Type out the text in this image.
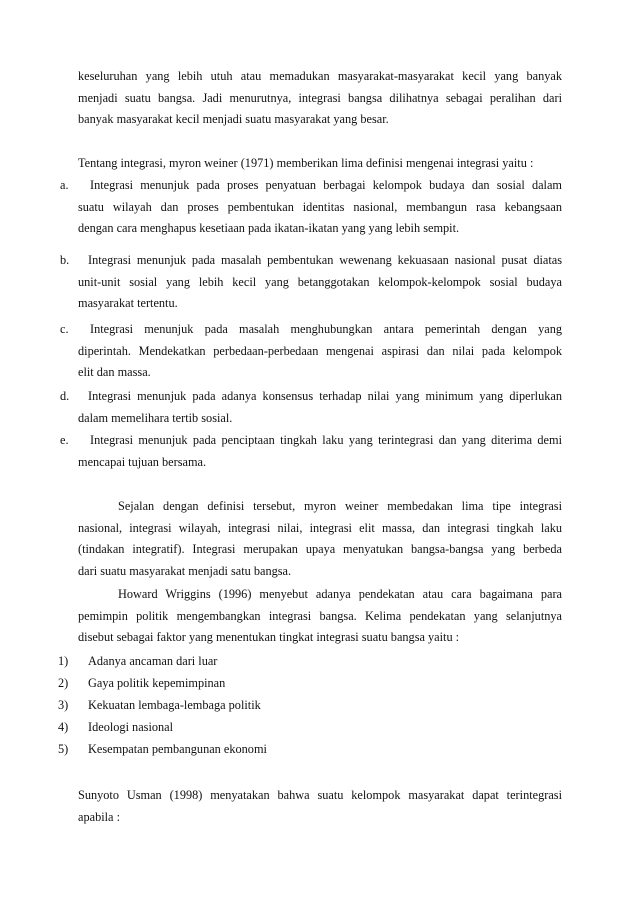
keseluruhan yang lebih utuh atau memadukan masyarakat-masyarakat kecil yang banyak
menjadi suatu bangsa. Jadi menurutnya, integrasi bangsa dilihatnya sebagai peralihan dari
banyak masyarakat kecil menjadi suatu masyarakat yang besar.
Tentang integrasi, myron weiner (1971) memberikan lima definisi mengenai integrasi yaitu :
a.	Integrasi menunjuk pada proses penyatuan berbagai kelompok budaya dan sosial dalam
suatu wilayah dan proses pembentukan identitas nasional, membangun rasa kebangsaan
dengan cara menghapus kesetiaan pada ikatan-ikatan yang yang lebih sempit.
b.	Integrasi menunjuk pada masalah pembentukan wewenang kekuasaan nasional pusat diatas
unit-unit sosial yang lebih kecil yang betanggotakan kelompok-kelompok sosial budaya
masyarakat tertentu.
c.	Integrasi menunjuk pada masalah menghubungkan antara pemerintah dengan yang
diperintah. Mendekatkan perbedaan-perbedaan mengenai aspirasi dan nilai pada kelompok
elit dan massa.
d.	Integrasi menunjuk pada adanya konsensus terhadap nilai yang minimum yang diperlukan
dalam memelihara tertib sosial.
e.	Integrasi menunjuk pada penciptaan tingkah laku yang terintegrasi dan yang diterima demi
mencapai tujuan bersama.
Sejalan dengan definisi tersebut, myron weiner membedakan lima tipe integrasi
nasional, integrasi wilayah, integrasi nilai, integrasi elit massa, dan integrasi tingkah laku
(tindakan integratif). Integrasi merupakan upaya menyatukan bangsa-bangsa yang berbeda
dari suatu masyarakat menjadi satu bangsa.
Howard Wriggins (1996) menyebut adanya pendekatan atau cara bagaimana para
pemimpin politik mengembangkan integrasi bangsa. Kelima pendekatan yang selanjutnya
disebut sebagai faktor yang menentukan tingkat integrasi suatu bangsa yaitu :
1) Adanya ancaman dari luar
2) Gaya politik kepemimpinan
3) Kekuatan lembaga-lembaga politik
4) Ideologi nasional
5) Kesempatan pembangunan ekonomi
Sunyoto Usman (1998) menyatakan bahwa suatu kelompok masyarakat dapat terintegrasi
apabila :
